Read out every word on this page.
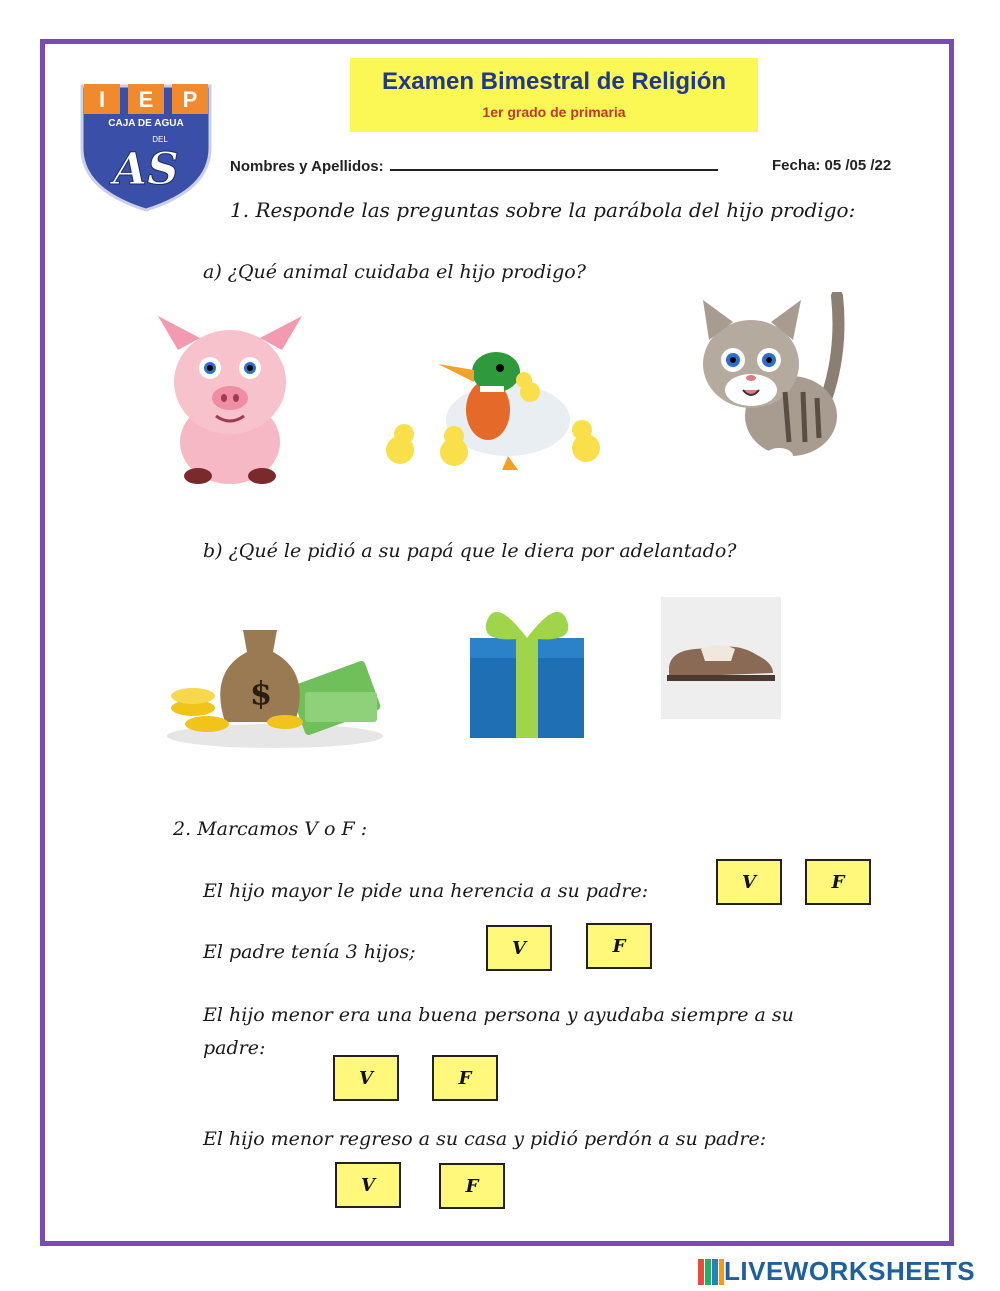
I E P
CAJA DE AGUA
DEL
AS
Examen Bimestral de Religión
1er grado de primaria
Nombres y Apellidos:	Fecha: 05 /05 /22
1. Responde las preguntas sobre la parábola del hijo prodigo:
a) ¿Qué animal cuidaba el hijo prodigo?
b) ¿Qué le pidió a su papá que le diera por adelantado?
$
2. Marcamos V o F :
El hijo mayor le pide una herencia a su padre:	V	F
El padre tenía 3 hijos;	V	F
El hijo menor era una buena persona y ayudaba siempre a su
padre:
V	F
El hijo menor regreso a su casa y pidió perdón a su padre:
V	F
LIVEWORKSHEETS
